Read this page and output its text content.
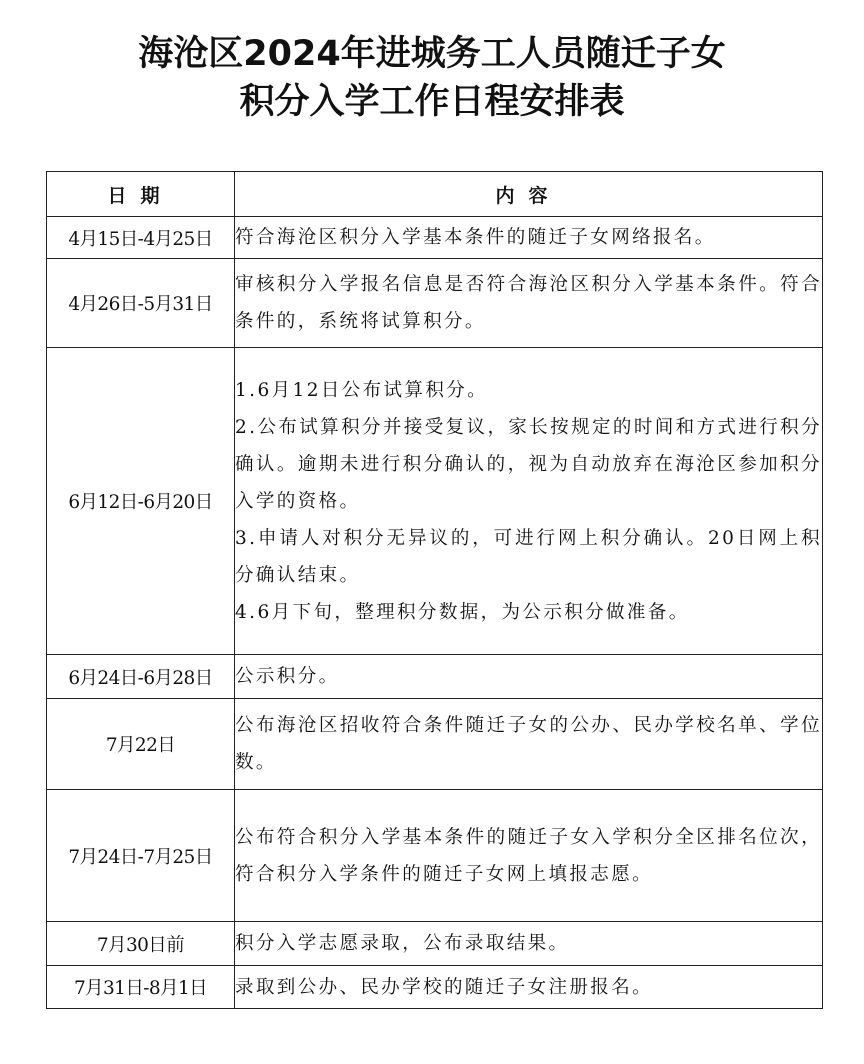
海沧区2024年进城务工人员随迁子女
积分入学工作日程安排表
日期	内容
4月15日-4月25日	符合海沧区积分入学基本条件的随迁子女网络报名。

4月26日-5月31日	审核积分入学报名信息是否符合海沧区积分入学基本条件。符合条件的，系统将试算积分。

6月12日-6月20日	1.6月12日公布试算积分。
2.公布试算积分并接受复议，家长按规定的时间和方式进行积分确认。逾期未进行积分确认的，视为自动放弃在海沧区参加积分入学的资格。
3.申请人对积分无异议的，可进行网上积分确认。20日网上积分确认结束。
4.6月下旬，整理积分数据，为公示积分做准备。

6月24日-6月28日	公示积分。

7月22日	公布海沧区招收符合条件随迁子女的公办、民办学校名单、学位数。

7月24日-7月25日	公布符合积分入学基本条件的随迁子女入学积分全区排名位次，符合积分入学条件的随迁子女网上填报志愿。

7月30日前	积分入学志愿录取，公布录取结果。

7月31日-8月1日	录取到公办、民办学校的随迁子女注册报名。
